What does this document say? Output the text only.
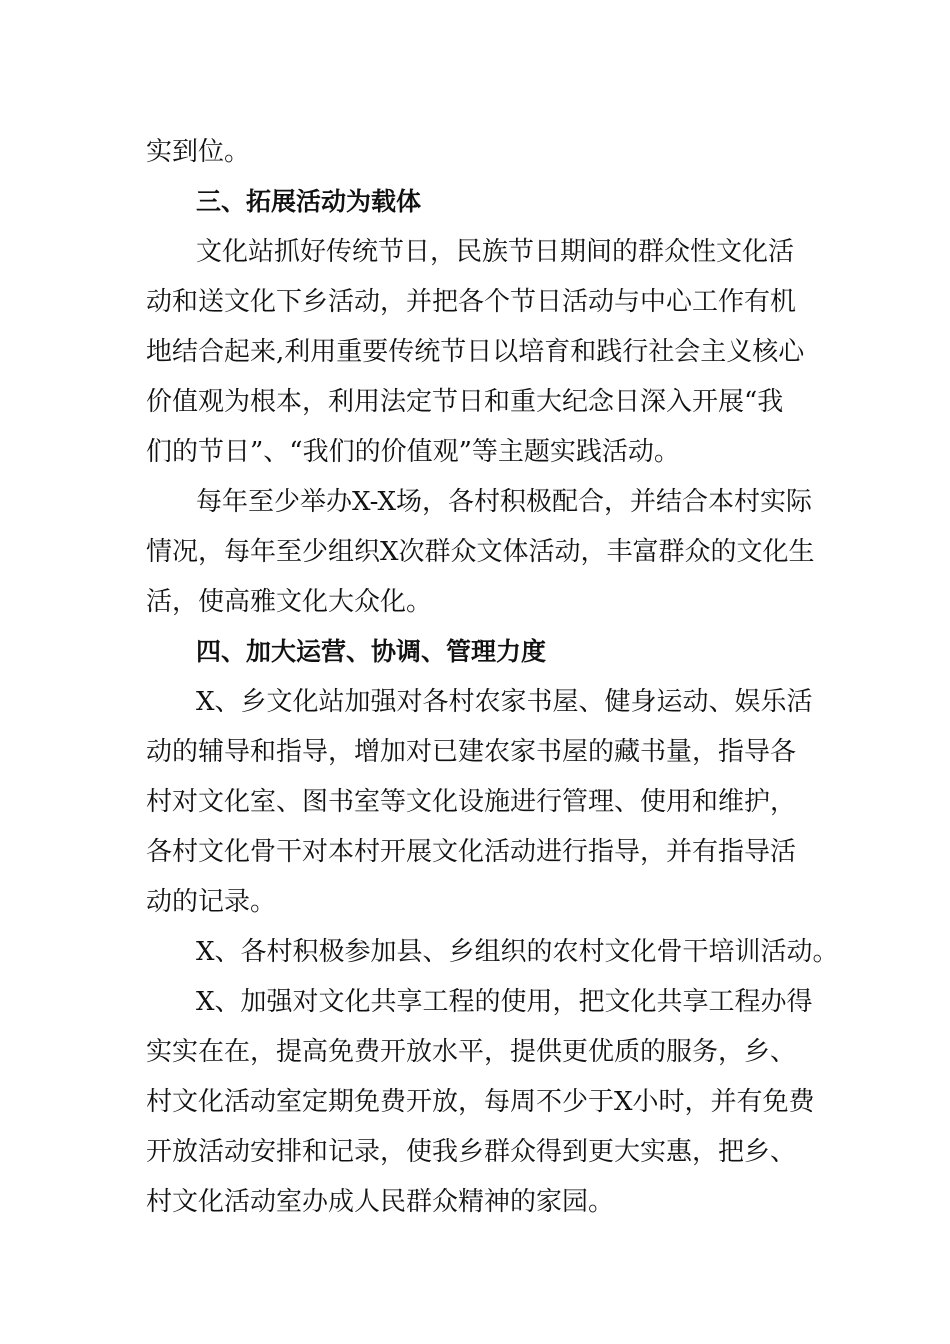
实到位。
三、拓展活动为载体
文化站抓好传统节日，民族节日期间的群众性文化活
动和送文化下乡活动，并把各个节日活动与中心工作有机
地结合起来,利用重要传统节日以培育和践行社会主义核心
价值观为根本，利用法定节日和重大纪念日深入开展“我
们的节日”、“我们的价值观”等主题实践活动。
每年至少举办X-X场，各村积极配合，并结合本村实际
情况，每年至少组织X次群众文体活动，丰富群众的文化生
活，使高雅文化大众化。
四、加大运营、协调、管理力度
X、乡文化站加强对各村农家书屋、健身运动、娱乐活
动的辅导和指导，增加对已建农家书屋的藏书量，指导各
村对文化室、图书室等文化设施进行管理、使用和维护，
各村文化骨干对本村开展文化活动进行指导，并有指导活
动的记录。
X、各村积极参加县、乡组织的农村文化骨干培训活动。
X、加强对文化共享工程的使用，把文化共享工程办得
实实在在，提高免费开放水平，提供更优质的服务，乡、
村文化活动室定期免费开放，每周不少于X小时，并有免费
开放活动安排和记录，使我乡群众得到更大实惠，把乡、
村文化活动室办成人民群众精神的家园。
